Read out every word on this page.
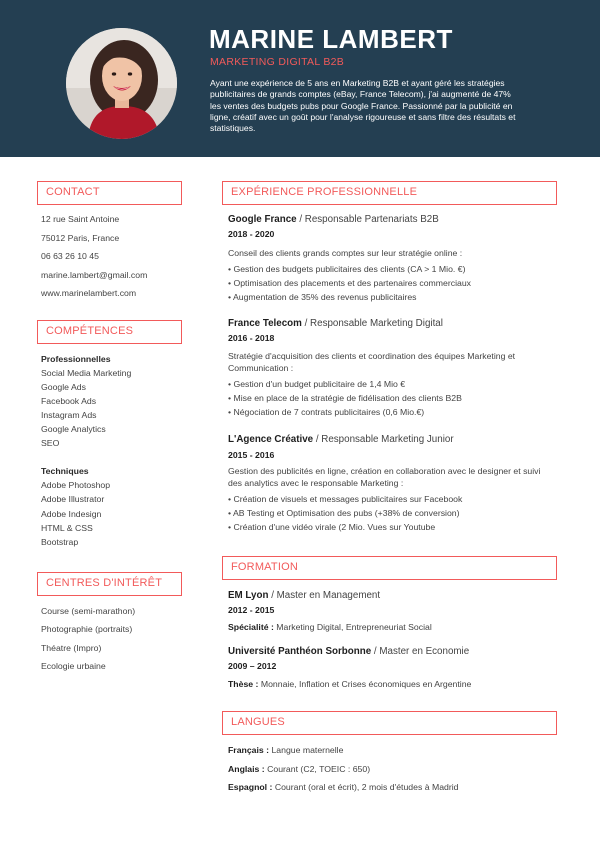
MARINE LAMBERT
MARKETING DIGITAL B2B
Ayant une expérience de 5 ans en Marketing B2B et ayant géré les stratégies publicitaires de grands comptes (eBay, France Telecom), j'ai augmenté de 47% les ventes des budgets pubs pour Google France. Passionné par la publicité en ligne, créatif avec un goût pour l'analyse rigoureuse et sans filtre des résultats et statistiques.
CONTACT
12 rue Saint Antoine
75012 Paris, France
06 63 26 10 45
marine.lambert@gmail.com
www.marinelambert.com
COMPÉTENCES
Professionnelles
Social Media Marketing
Google Ads
Facebook Ads
Instagram Ads
Google Analytics
SEO
Techniques
Adobe Photoshop
Adobe Illustrator
Adobe Indesign
HTML & CSS
Bootstrap
CENTRES D'INTÉRÊT
Course (semi-marathon)
Photographie (portraits)
Théatre (Impro)
Ecologie urbaine
EXPÉRIENCE PROFESSIONNELLE
Google France / Responsable Partenariats B2B
2018 - 2020
Conseil des clients grands comptes sur leur stratégie online :
• Gestion des budgets publicitaires des clients (CA > 1 Mio. €)
• Optimisation des placements et des partenaires commerciaux
• Augmentation de 35% des revenus publicitaires
France Telecom / Responsable Marketing Digital
2016 - 2018
Stratégie d'acquisition des clients et coordination des équipes Marketing et Communication :
• Gestion d'un budget publicitaire de 1,4 Mio €
• Mise en place de la stratégie de fidélisation des clients B2B
• Négociation de 7 contrats publicitaires (0,6 Mio.€)
L'Agence Créative / Responsable Marketing Junior
2015 - 2016
Gestion des publicités en ligne, création en collaboration avec le designer et suivi des analytics avec le responsable Marketing :
• Création de visuels et messages publicitaires sur Facebook
• AB Testing et Optimisation des pubs (+38% de conversion)
• Création d'une vidéo virale (2 Mio. Vues sur Youtube
FORMATION
EM Lyon / Master en Management
2012 - 2015
Spécialité : Marketing Digital, Entrepreneuriat Social
Université Panthéon Sorbonne / Master en Economie
2009 – 2012
Thèse : Monnaie, Inflation et Crises économiques en Argentine
LANGUES
Français : Langue maternelle
Anglais : Courant (C2, TOEIC : 650)
Espagnol : Courant (oral et écrit), 2 mois d'études à Madrid
